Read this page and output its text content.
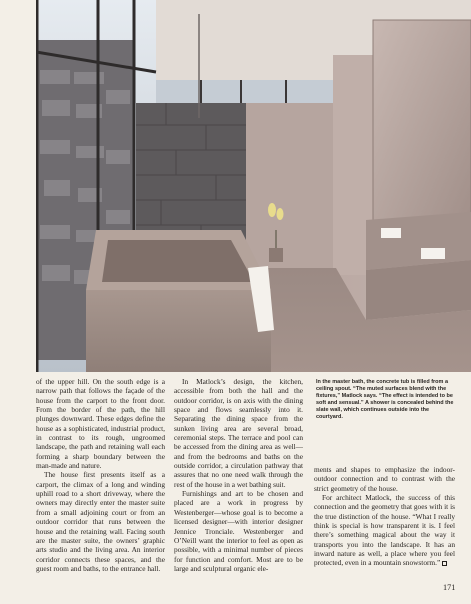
of the upper hill. On the south edge is a narrow path that follows the façade of the house from the carport to the front door. From the border of the path, the hill plunges downward. These edges define the house as a sophisticated, industrial product, in contrast to its rough, ungroomed landscape, the path and retaining wall each forming a sharp boundary between the man-made and nature.

The house first presents itself as a carport, the climax of a long and winding uphill road to a short driveway, where the owners may directly enter the master suite from a small adjoining court or from an outdoor corridor that runs between the house and the retaining wall. Facing south are the master suite, the owners’ graphic arts studio and the living area. An interior corridor connects these spaces, and the guest room and baths, to the entrance hall.

In Matlock’s design, the kitchen, accessible from both the hall and the outdoor corridor, is on axis with the dining space and flows seamlessly into it. Separating the dining space from the sunken living area are several broad, ceremonial steps. The terrace and pool can be accessed from the dining area as well—and from the bedrooms and baths on the outside corridor, a circulation pathway that assures that no one need walk through the rest of the house in a wet bathing suit.

Furnishings and art to be chosen and placed are a work in progress by Westenberger—whose goal is to become a licensed designer—with interior designer Jennice Tronciale. Westenberger and O’Neill want the interior to feel as open as possible, with a minimal number of pieces for function and comfort. Most are to be large and sculptural organic ele-

In the master bath, the concrete tub is filled from a ceiling spout. “The muted surfaces blend with the fixtures,” Matlock says. “The effect is intended to be soft and sensual.” A shower is concealed behind the slate wall, which continues outside into the courtyard.

ments and shapes to emphasize the indoor-outdoor connection and to contrast with the strict geometry of the house.

For architect Matlock, the success of this connection and the geometry that goes with it is the true distinction of the house. “What I really think is special is how transparent it is. I feel there’s something magical about the way it transports you into the landscape. It has an inward nature as well, a place where you feel protected, even in a mountain snowstorm.”

171
